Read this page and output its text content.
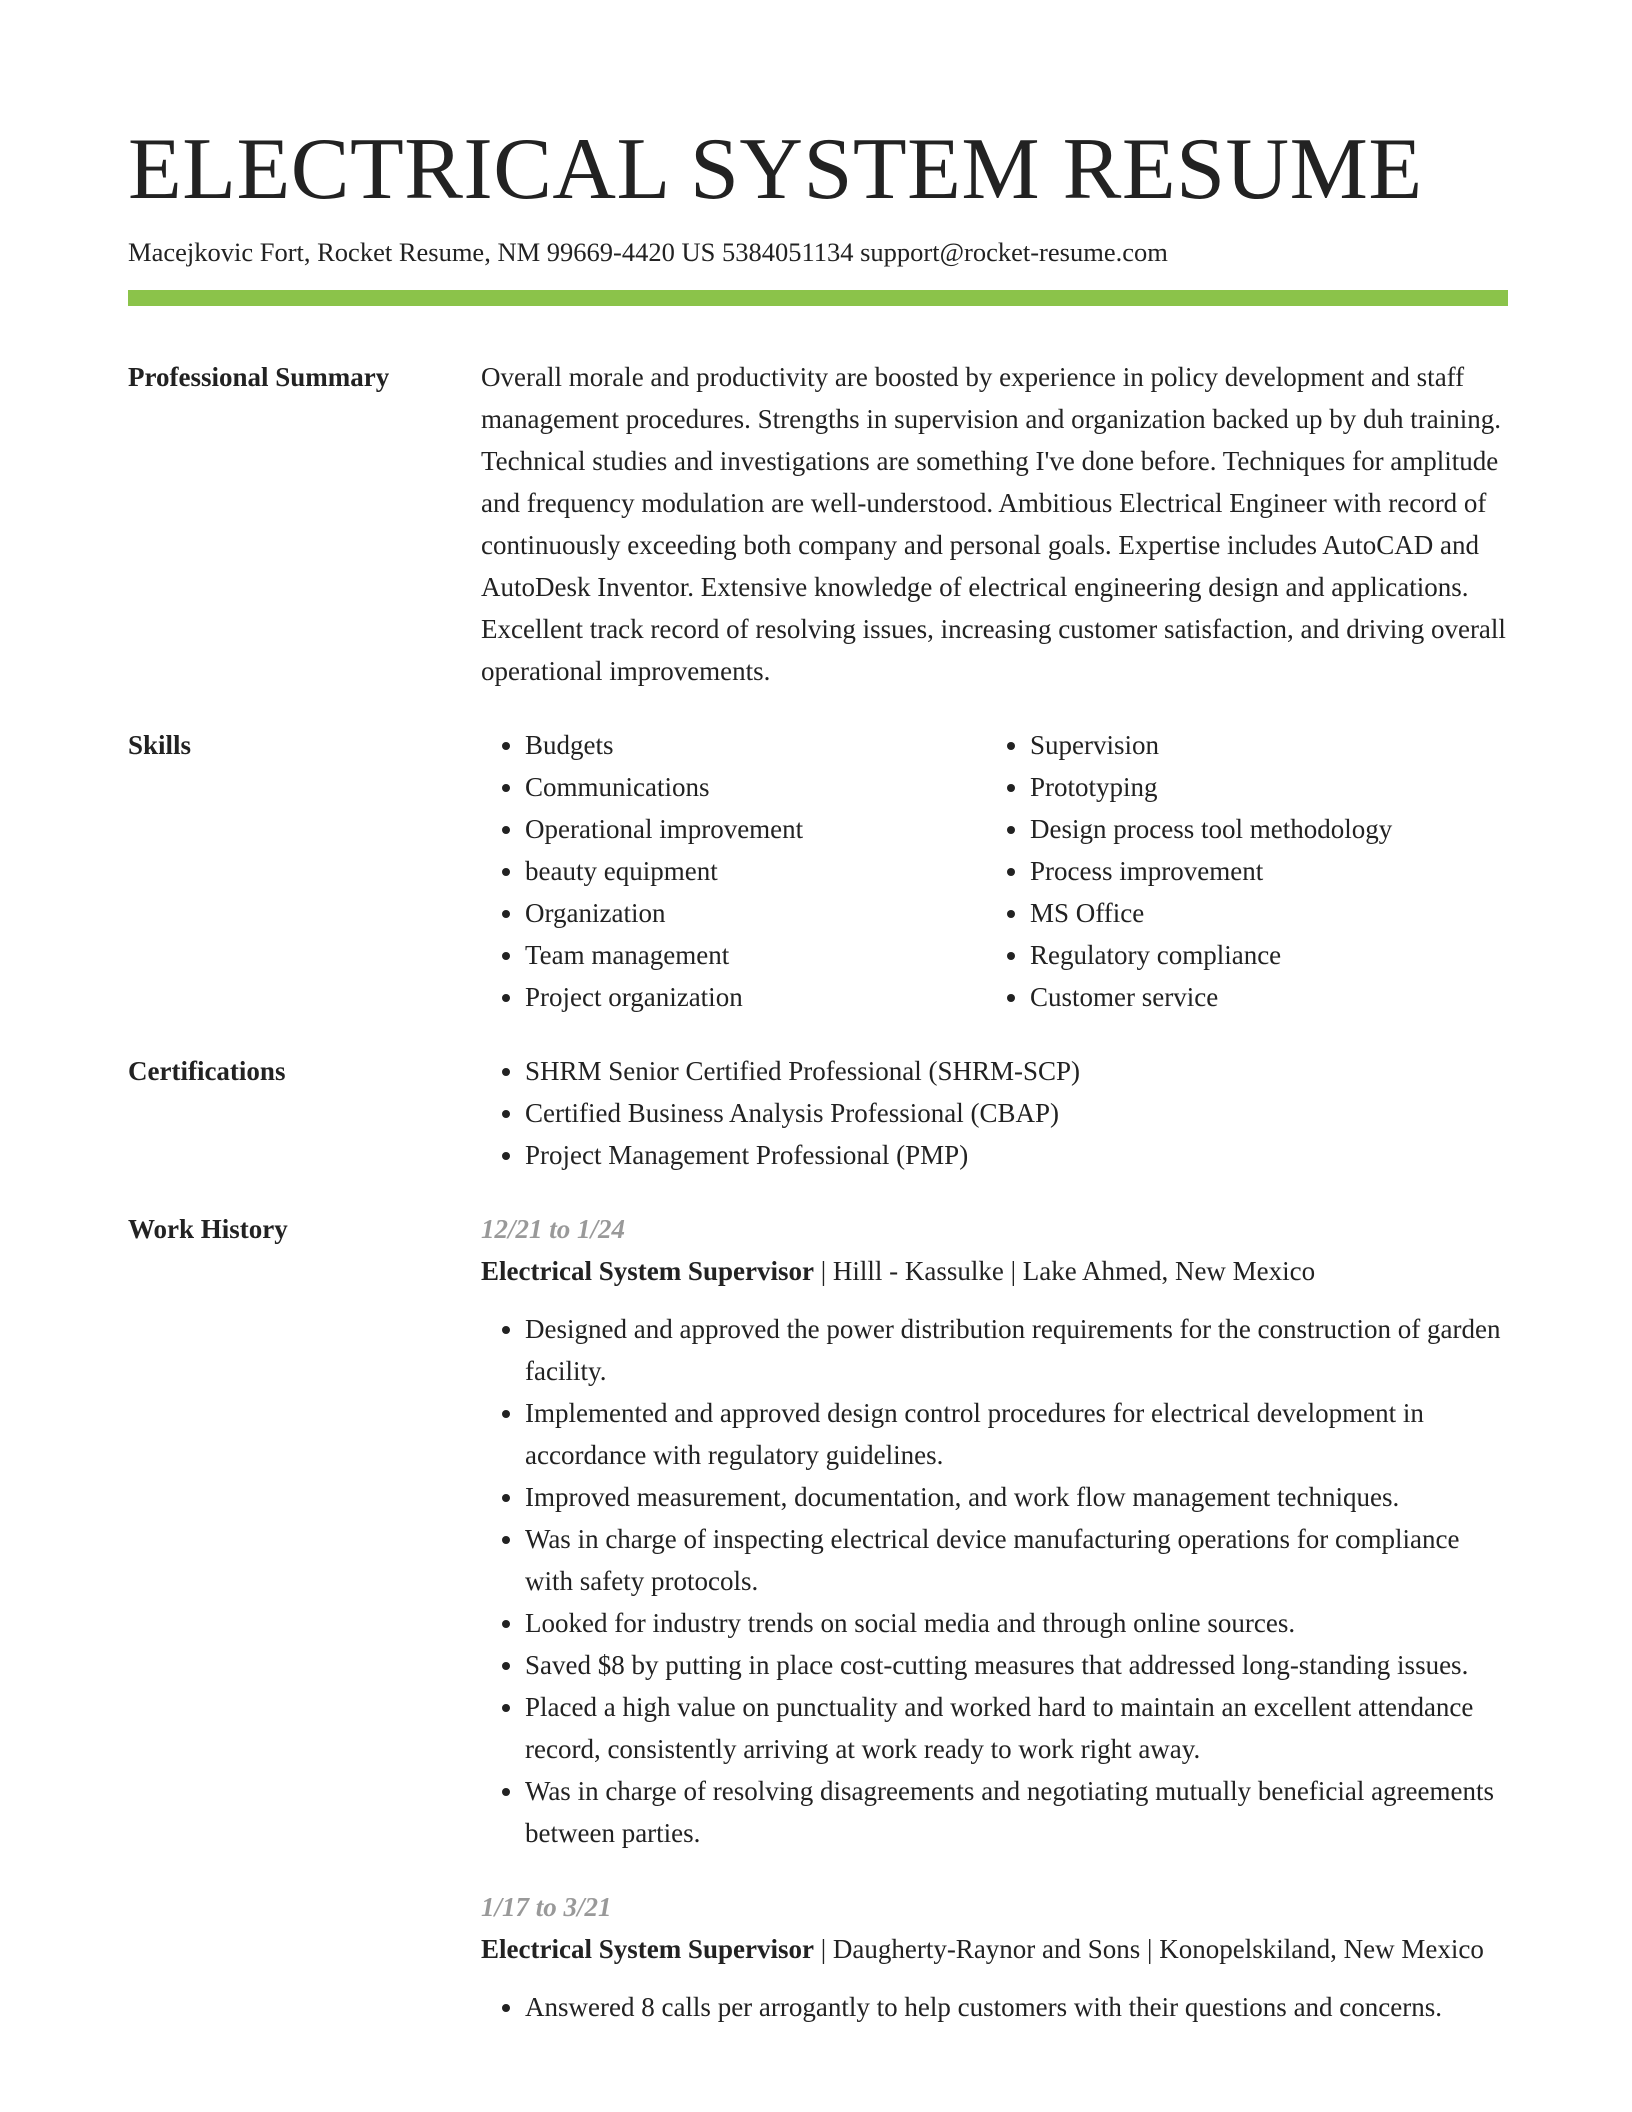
ELECTRICAL SYSTEM RESUME
Macejkovic Fort, Rocket Resume, NM 99669-4420 US 5384051134 support@rocket-resume.com
Professional Summary	Overall morale and productivity are boosted by experience in policy development and staff management procedures. Strengths in supervision and organization backed up by duh training. Technical studies and investigations are something I've done before. Techniques for amplitude and frequency modulation are well-understood. Ambitious Electrical Engineer with record of continuously exceeding both company and personal goals. Expertise includes AutoCAD and AutoDesk Inventor. Extensive knowledge of electrical engineering design and applications. Excellent track record of resolving issues, increasing customer satisfaction, and driving overall operational improvements.
Skills	• Budgets
• Communications
• Operational improvement
• beauty equipment
• Organization
• Team management
• Project organization
• Supervision
• Prototyping
• Design process tool methodology
• Process improvement
• MS Office
• Regulatory compliance
• Customer service
Certifications	• SHRM Senior Certified Professional (SHRM-SCP)
• Certified Business Analysis Professional (CBAP)
• Project Management Professional (PMP)
Work History	12/21 to 1/24
Electrical System Supervisor | Hilll - Kassulke | Lake Ahmed, New Mexico
• Designed and approved the power distribution requirements for the construction of garden facility.
• Implemented and approved design control procedures for electrical development in accordance with regulatory guidelines.
• Improved measurement, documentation, and work flow management techniques.
• Was in charge of inspecting electrical device manufacturing operations for compliance with safety protocols.
• Looked for industry trends on social media and through online sources.
• Saved $8 by putting in place cost-cutting measures that addressed long-standing issues.
• Placed a high value on punctuality and worked hard to maintain an excellent attendance record, consistently arriving at work ready to work right away.
• Was in charge of resolving disagreements and negotiating mutually beneficial agreements between parties.
1/17 to 3/21
Electrical System Supervisor | Daugherty-Raynor and Sons | Konopelskiland, New Mexico
• Answered 8 calls per arrogantly to help customers with their questions and concerns.
